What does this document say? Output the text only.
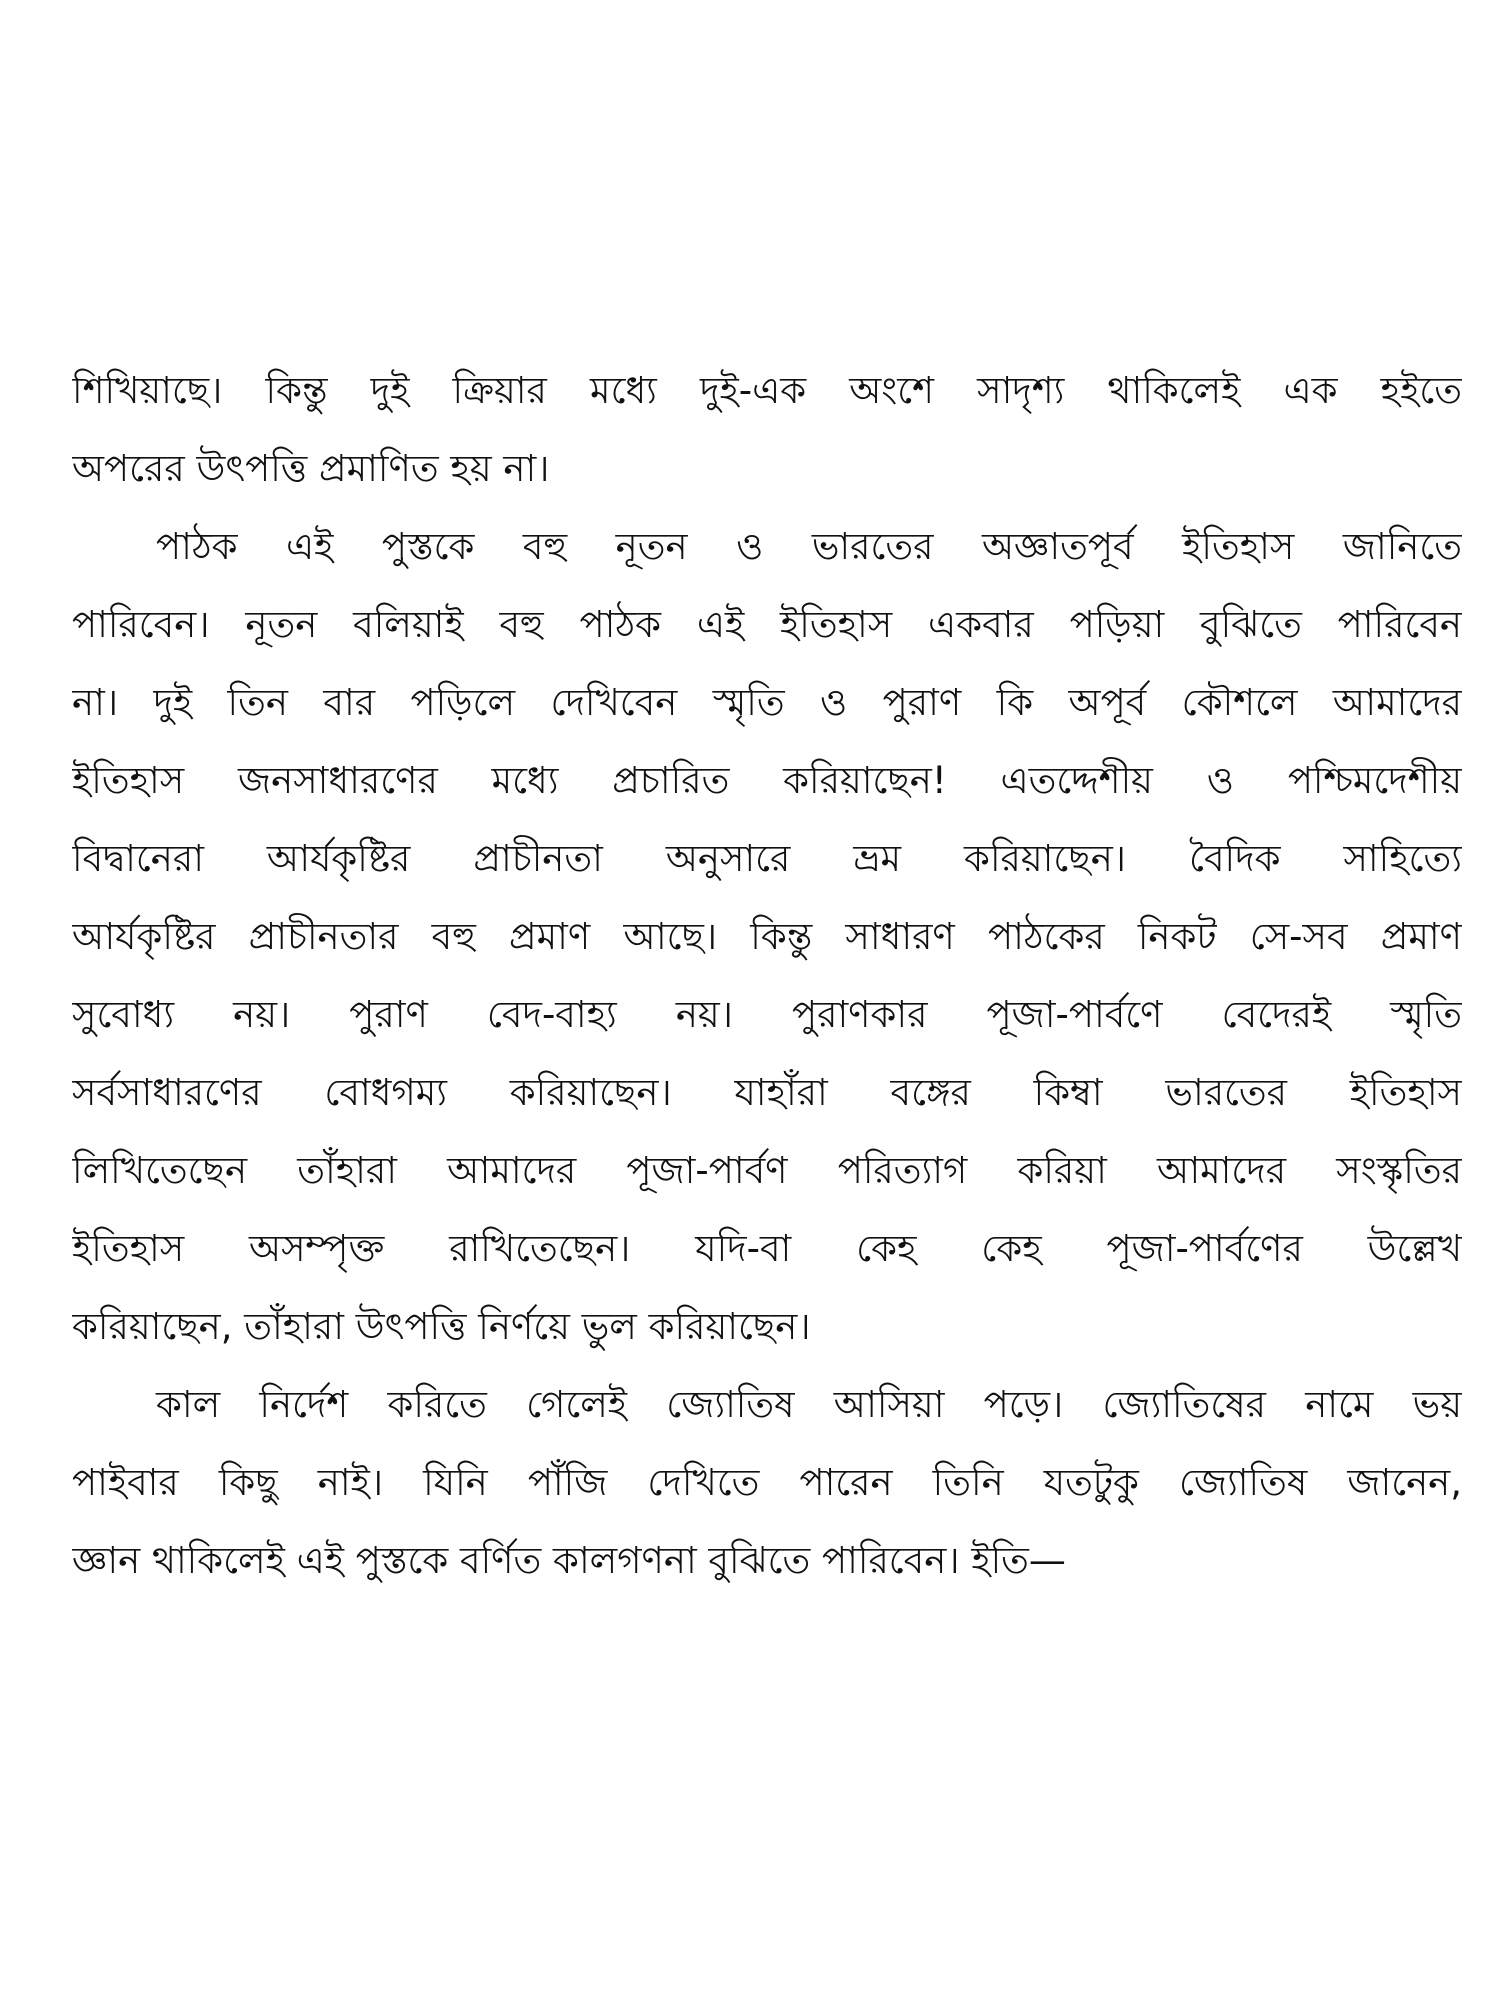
শিখিয়াছে। কিন্তু দুই ক্রিয়ার মধ্যে দুই-এক অংশে সাদৃশ্য থাকিলেই এক হইতে
অপরের উৎপত্তি প্রমাণিত হয় না।
পাঠক এই পুস্তকে বহু নূতন ও ভারতের অজ্ঞাতপূর্ব ইতিহাস জানিতে
পারিবেন। নূতন বলিয়াই বহু পাঠক এই ইতিহাস একবার পড়িয়া বুঝিতে পারিবেন
না। দুই তিন বার পড়িলে দেখিবেন স্মৃতি ও পুরাণ কি অপূর্ব কৌশলে আমাদের
ইতিহাস জনসাধারণের মধ্যে প্রচারিত করিয়াছেন! এতদ্দেশীয় ও পশ্চিমদেশীয়
বিদ্বানেরা আর্যকৃষ্টির প্রাচীনতা অনুসারে ভ্রম করিয়াছেন। বৈদিক সাহিত্যে
আর্যকৃষ্টির প্রাচীনতার বহু প্রমাণ আছে। কিন্তু সাধারণ পাঠকের নিকট সে-সব প্রমাণ
সুবোধ্য নয়। পুরাণ বেদ-বাহ্য নয়। পুরাণকার পূজা-পার্বণে বেদেরই স্মৃতি
সর্বসাধারণের বোধগম্য করিয়াছেন। যাহাঁরা বঙ্গের কিম্বা ভারতের ইতিহাস
লিখিতেছেন তাঁহারা আমাদের পূজা-পার্বণ পরিত্যাগ করিয়া আমাদের সংস্কৃতির
ইতিহাস অসম্পৃক্ত রাখিতেছেন। যদি-বা কেহ কেহ পূজা-পার্বণের উল্লেখ
করিয়াছেন, তাঁহারা উৎপত্তি নির্ণয়ে ভুল করিয়াছেন।
কাল নির্দেশ করিতে গেলেই জ্যোতিষ আসিয়া পড়ে। জ্যোতিষের নামে ভয়
পাইবার কিছু নাই। যিনি পাঁজি দেখিতে পারেন তিনি যতটুকু জ্যোতিষ জানেন,
জ্ঞান থাকিলেই এই পুস্তকে বর্ণিত কালগণনা বুঝিতে পারিবেন। ইতি—
